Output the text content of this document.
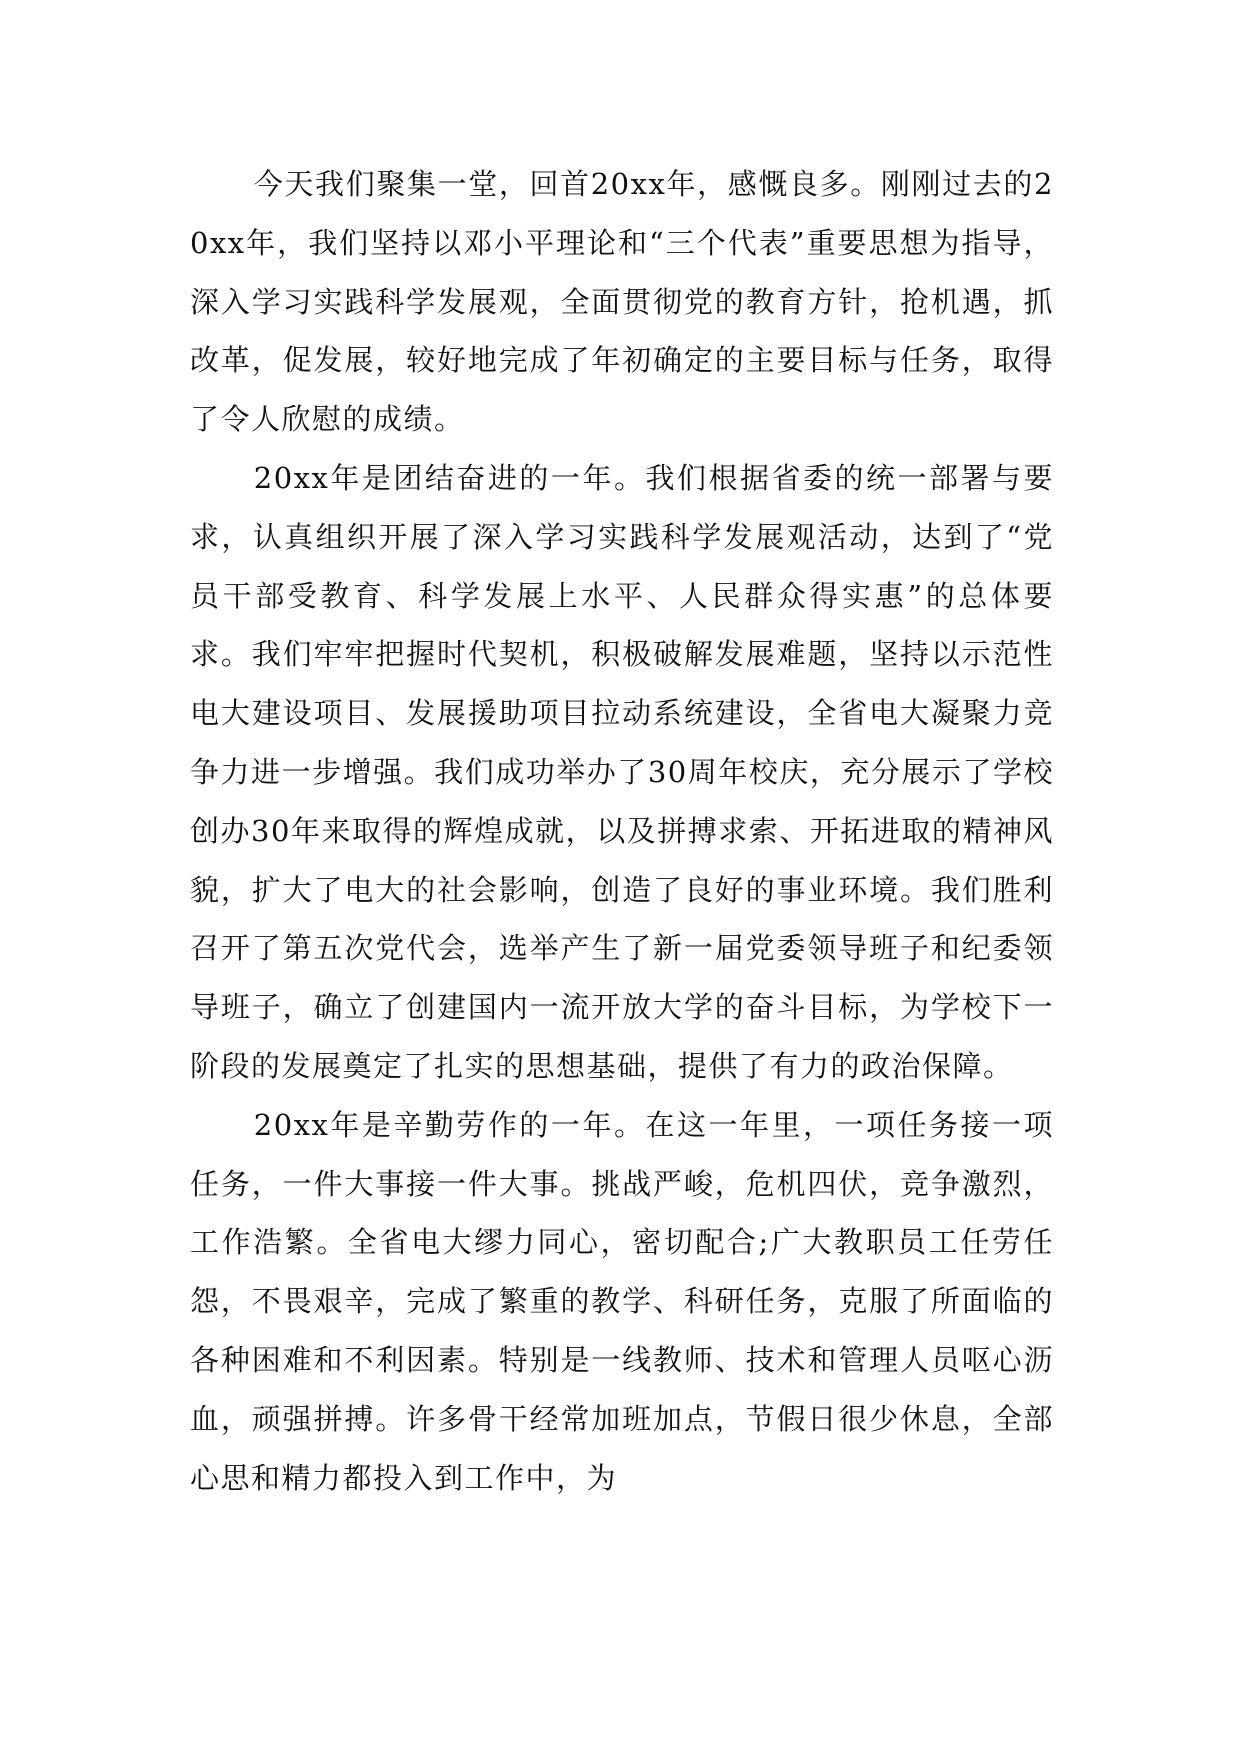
今天我们聚集一堂，回首20xx年，感慨良多。刚刚过去的20xx年，我们坚持以邓小平理论和“三个代表”重要思想为指导，深入学习实践科学发展观，全面贯彻党的教育方针，抢机遇，抓改革，促发展，较好地完成了年初确定的主要目标与任务，取得了令人欣慰的成绩。

20xx年是团结奋进的一年。我们根据省委的统一部署与要求，认真组织开展了深入学习实践科学发展观活动，达到了“党员干部受教育、科学发展上水平、人民群众得实惠”的总体要求。我们牢牢把握时代契机，积极破解发展难题，坚持以示范性电大建设项目、发展援助项目拉动系统建设，全省电大凝聚力竞争力进一步增强。我们成功举办了30周年校庆，充分展示了学校创办30年来取得的辉煌成就，以及拼搏求索、开拓进取的精神风貌，扩大了电大的社会影响，创造了良好的事业环境。我们胜利召开了第五次党代会，选举产生了新一届党委领导班子和纪委领导班子，确立了创建国内一流开放大学的奋斗目标，为学校下一阶段的发展奠定了扎实的思想基础，提供了有力的政治保障。

20xx年是辛勤劳作的一年。在这一年里，一项任务接一项任务，一件大事接一件大事。挑战严峻，危机四伏，竞争激烈，工作浩繁。全省电大缪力同心，密切配合;广大教职员工任劳任怨，不畏艰辛，完成了繁重的教学、科研任务，克服了所面临的各种困难和不利因素。特别是一线教师、技术和管理人员呕心沥血，顽强拼搏。许多骨干经常加班加点，节假日很少休息，全部心思和精力都投入到工作中，为
